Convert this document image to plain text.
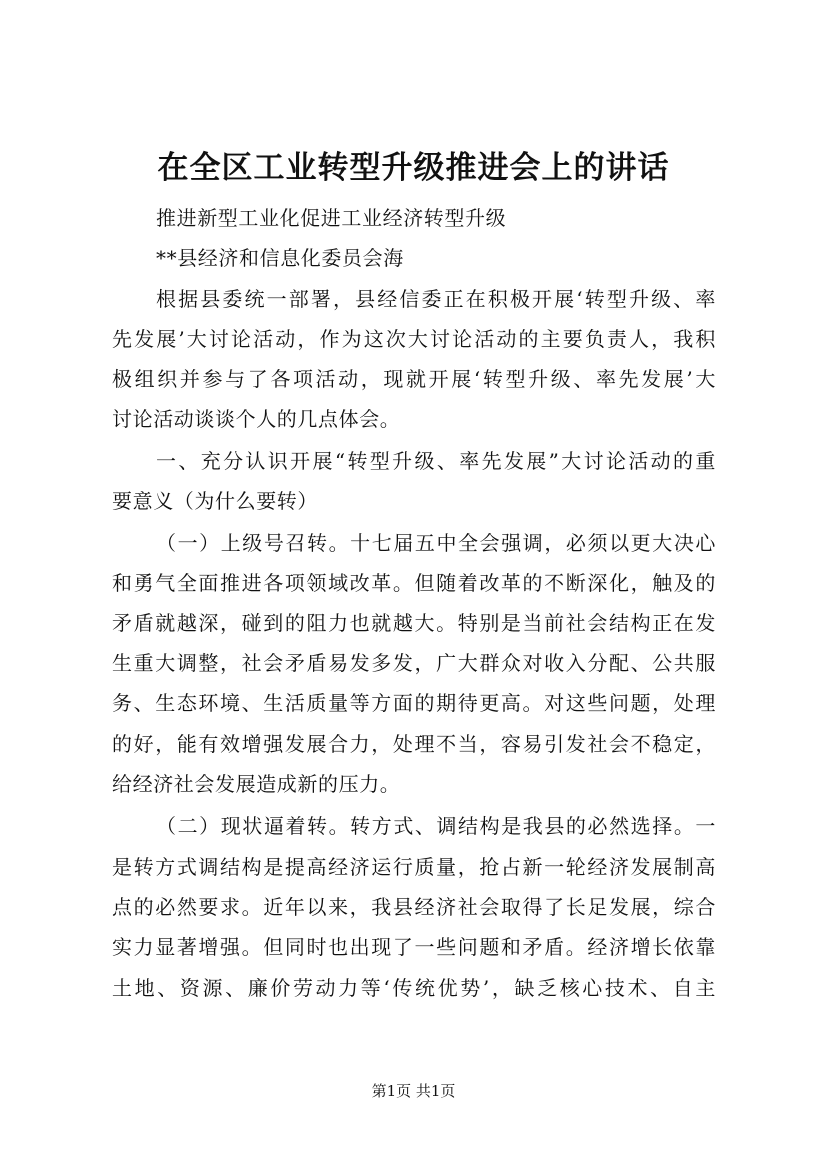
在全区工业转型升级推进会上的讲话
推进新型工业化促进工业经济转型升级
**县经济和信息化委员会海
根据县委统一部署，县经信委正在积极开展‘转型升级、率
先发展’大讨论活动，作为这次大讨论活动的主要负责人，我积
极组织并参与了各项活动，现就开展‘转型升级、率先发展’大
讨论活动谈谈个人的几点体会。
一、充分认识开展“转型升级、率先发展”大讨论活动的重
要意义（为什么要转）
（一）上级号召转。十七届五中全会强调，必须以更大决心
和勇气全面推进各项领域改革。但随着改革的不断深化，触及的
矛盾就越深，碰到的阻力也就越大。特别是当前社会结构正在发
生重大调整，社会矛盾易发多发，广大群众对收入分配、公共服
务、生态环境、生活质量等方面的期待更高。对这些问题，处理
的好，能有效增强发展合力，处理不当，容易引发社会不稳定，
给经济社会发展造成新的压力。
（二）现状逼着转。转方式、调结构是我县的必然选择。一
是转方式调结构是提高经济运行质量，抢占新一轮经济发展制高
点的必然要求。近年以来，我县经济社会取得了长足发展，综合
实力显著增强。但同时也出现了一些问题和矛盾。经济增长依靠
土地、资源、廉价劳动力等‘传统优势’，缺乏核心技术、自主
第1页 共1页
